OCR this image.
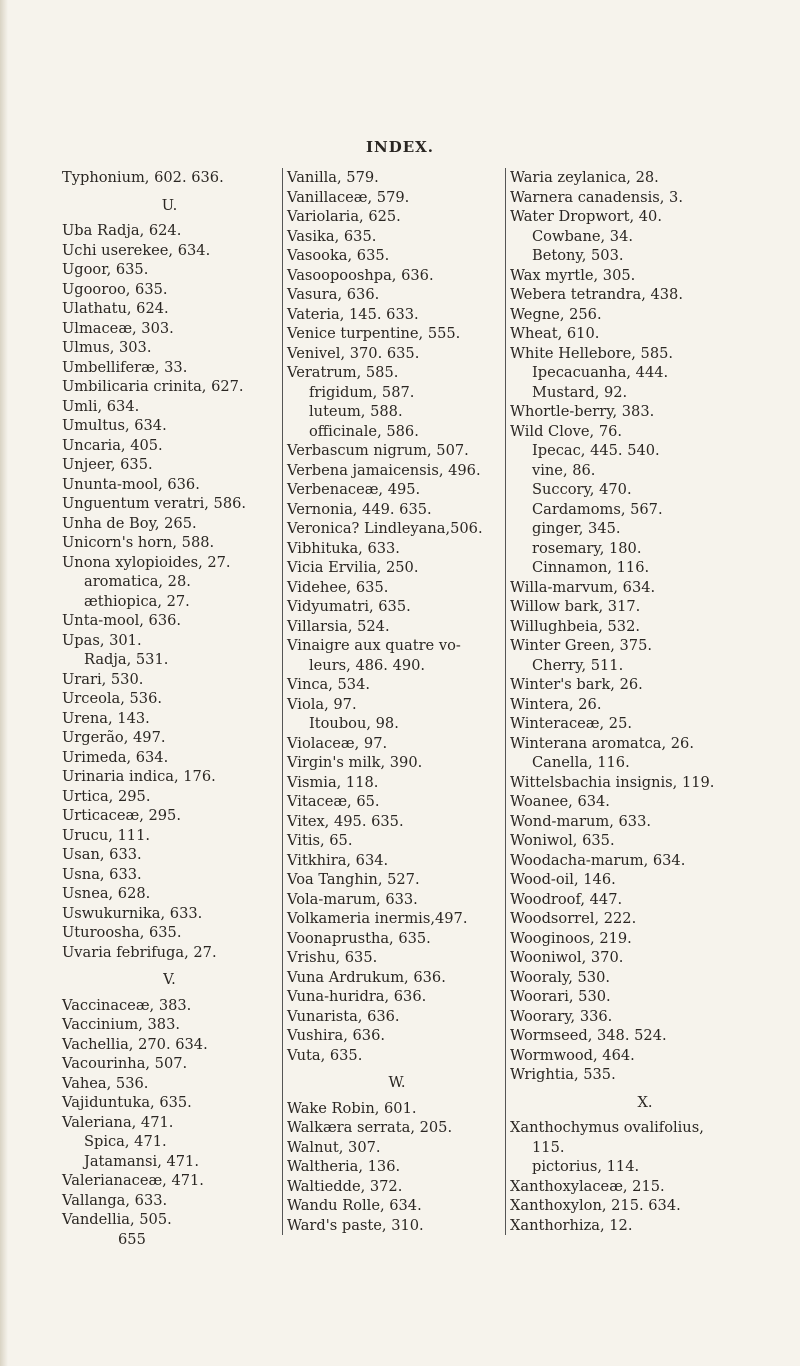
INDEX.
Typhonium, 602. 636.
U.
Uba Radja, 624.
Uchi userekee, 634.
Ugoor, 635.
Ugooroo, 635.
Ulathatu, 624.
Ulmaceæ, 303.
Ulmus, 303.
Umbelliferæ, 33.
Umbilicaria crinita, 627.
Umli, 634.
Umultus, 634.
Uncaria, 405.
Unjeer, 635.
Ununta-mool, 636.
Unguentum veratri, 586.
Unha de Boy, 265.
Unicorn's horn, 588.
Unona xylopioides, 27.
aromatica, 28.
æthiopica, 27.
Unta-mool, 636.
Upas, 301.
Radja, 531.
Urari, 530.
Urceola, 536.
Urena, 143.
Urgerão, 497.
Urimeda, 634.
Urinaria indica, 176.
Urtica, 295.
Urticaceæ, 295.
Urucu, 111.
Usan, 633.
Usna, 633.
Usnea, 628.
Uswukurnika, 633.
Uturoosha, 635.
Uvaria febrifuga, 27.
V.
Vaccinaceæ, 383.
Vaccinium, 383.
Vachellia, 270. 634.
Vacourinha, 507.
Vahea, 536.
Vajiduntuka, 635.
Valeriana, 471.
Spica, 471.
Jatamansi, 471.
Valerianaceæ, 471.
Vallanga, 633.
Vandellia, 505.
655
Vanilla, 579.
Vanillaceæ, 579.
Variolaria, 625.
Vasika, 635.
Vasooka, 635.
Vasoopooshpa, 636.
Vasura, 636.
Vateria, 145. 633.
Venice turpentine, 555.
Venivel, 370. 635.
Veratrum, 585.
frigidum, 587.
luteum, 588.
officinale, 586.
Verbascum nigrum, 507.
Verbena jamaicensis, 496.
Verbenaceæ, 495.
Vernonia, 449. 635.
Veronica? Lindleyana,506.
Vibhituka, 633.
Vicia Ervilia, 250.
Videhee, 635.
Vidyumatri, 635.
Villarsia, 524.
Vinaigre aux quatre vo-
leurs, 486. 490.
Vinca, 534.
Viola, 97.
Itoubou, 98.
Violaceæ, 97.
Virgin's milk, 390.
Vismia, 118.
Vitaceæ, 65.
Vitex, 495. 635.
Vitis, 65.
Vitkhira, 634.
Voa Tanghin, 527.
Vola-marum, 633.
Volkameria inermis,497.
Voonaprustha, 635.
Vrishu, 635.
Vuna Ardrukum, 636.
Vuna-huridra, 636.
Vunarista, 636.
Vushira, 636.
Vuta, 635.
W.
Wake Robin, 601.
Walkæra serrata, 205.
Walnut, 307.
Waltheria, 136.
Waltiedde, 372.
Wandu Rolle, 634.
Ward's paste, 310.
Waria zeylanica, 28.
Warnera canadensis, 3.
Water Dropwort, 40.
Cowbane, 34.
Betony, 503.
Wax myrtle, 305.
Webera tetrandra, 438.
Wegne, 256.
Wheat, 610.
White Hellebore, 585.
Ipecacuanha, 444.
Mustard, 92.
Whortle-berry, 383.
Wild Clove, 76.
Ipecac, 445. 540.
vine, 86.
Succory, 470.
Cardamoms, 567.
ginger, 345.
rosemary, 180.
Cinnamon, 116.
Willa-marvum, 634.
Willow bark, 317.
Willughbeia, 532.
Winter Green, 375.
Cherry, 511.
Winter's bark, 26.
Wintera, 26.
Winteraceæ, 25.
Winterana aromatca, 26.
Canella, 116.
Wittelsbachia insignis, 119.
Woanee, 634.
Wond-marum, 633.
Woniwol, 635.
Woodacha-marum, 634.
Wood-oil, 146.
Woodroof, 447.
Woodsorrel, 222.
Wooginoos, 219.
Wooniwol, 370.
Wooraly, 530.
Woorari, 530.
Woorary, 336.
Wormseed, 348. 524.
Wormwood, 464.
Wrightia, 535.
X.
Xanthochymus ovalifolius,
115.
pictorius, 114.
Xanthoxylaceæ, 215.
Xanthoxylon, 215. 634.
Xanthorhiza, 12.
